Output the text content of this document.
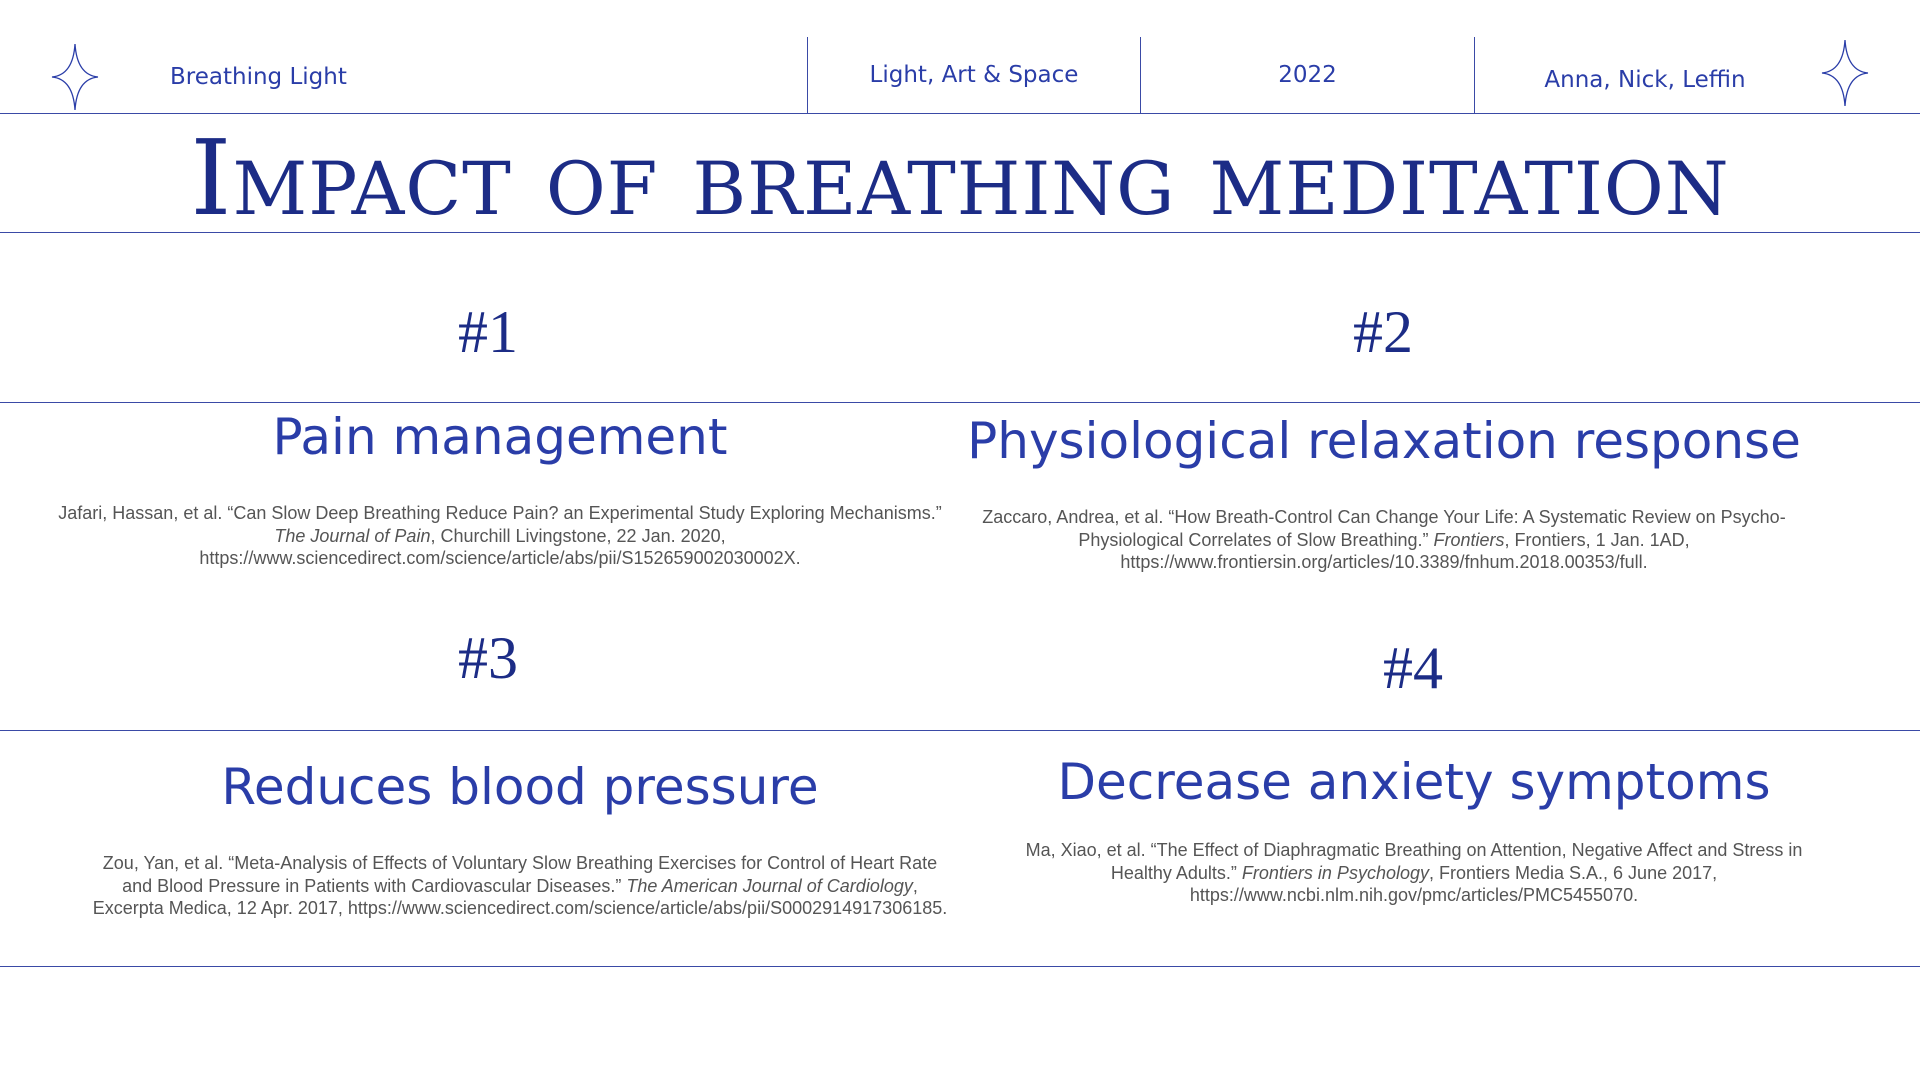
Breathing Light	Light, Art & Space	2022	Anna, Nick, Leffin
Impact of breathing meditation
#1
Pain management
Jafari, Hassan, et al. “Can Slow Deep Breathing Reduce Pain? an Experimental Study Exploring Mechanisms.” The Journal of Pain, Churchill Livingstone, 22 Jan. 2020, https://www.sciencedirect.com/science/article/abs/pii/S152659002030002X.
#2
Physiological relaxation response
Zaccaro, Andrea, et al. “How Breath-Control Can Change Your Life: A Systematic Review on Psycho-Physiological Correlates of Slow Breathing.” Frontiers, Frontiers, 1 Jan. 1AD, https://www.frontiersin.org/articles/10.3389/fnhum.2018.00353/full.
#3
Reduces blood pressure
Zou, Yan, et al. “Meta-Analysis of Effects of Voluntary Slow Breathing Exercises for Control of Heart Rate and Blood Pressure in Patients with Cardiovascular Diseases.” The American Journal of Cardiology, Excerpta Medica, 12 Apr. 2017, https://www.sciencedirect.com/science/article/abs/pii/S0002914917306185.
#4
Decrease anxiety symptoms
Ma, Xiao, et al. “The Effect of Diaphragmatic Breathing on Attention, Negative Affect and Stress in Healthy Adults.” Frontiers in Psychology, Frontiers Media S.A., 6 June 2017, https://www.ncbi.nlm.nih.gov/pmc/articles/PMC5455070.
